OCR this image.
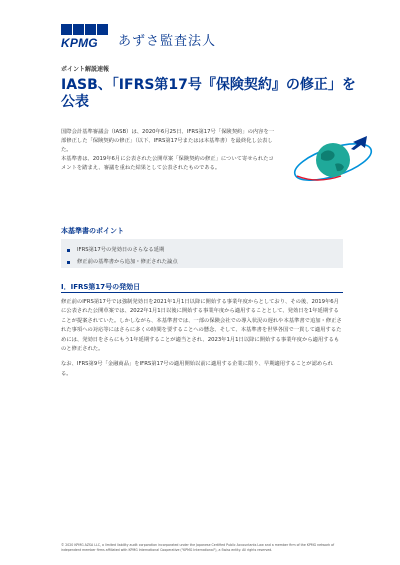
KPMG あずさ監査法人
ポイント解説速報
IASB、「IFRS第17号『保険契約』の修正」を公表

国際会計基準審議会（IASB）は、2020年6月25日、IFRS第17号「保険契約」の内容を一部修正した「保険契約の修正」（以下、IFRS第17号またはは本基準書）を最終化し公表した。

本基準書は、2019年6月に公表された公開草案「保険契約の修正」について寄せられたコメントを踏まえ、審議を重ねた結果として公表されたものである。

本基準書のポイント
IFRS第17号の発効日のさらなる延期
修正前の基準書から追加・修正された論点
I．IFRS第17号の発効日

修正前のIFRS第17号では強制発効日を2021年1月1日以降に開始する事業年度からとしており、その後、2019年6月に公表された公開草案では、2022年1月1日以後に開始する事業年度から適用することとして、発効日を1年延期することが提案されていた。しかしながら、本基準書では、一部の保険会社での導入状況の遅れや本基準書で追加・修正された事項への対応等にはさらに多くの時間を要することへの懸念、そして、本基準書を世界各国で一貫して適用するためには、発効日をさらにもう1年延期することが適当とされ、2023年1月1日以降に開始する事業年度から適用するものと修正された。

なお、IFRS第9号「金融商品」をIFRS第17号の適用開始以前に適用する企業に限り、早期適用することが認められる。

© 2020 KPMG AZSA LLC, a limited liability audit corporation incorporated under the Japanese Certified Public Accountants Law and a member firm of the KPMG network of independent member firms affiliated with KPMG International Cooperative ("KPMG International"), a Swiss entity. All rights reserved.
